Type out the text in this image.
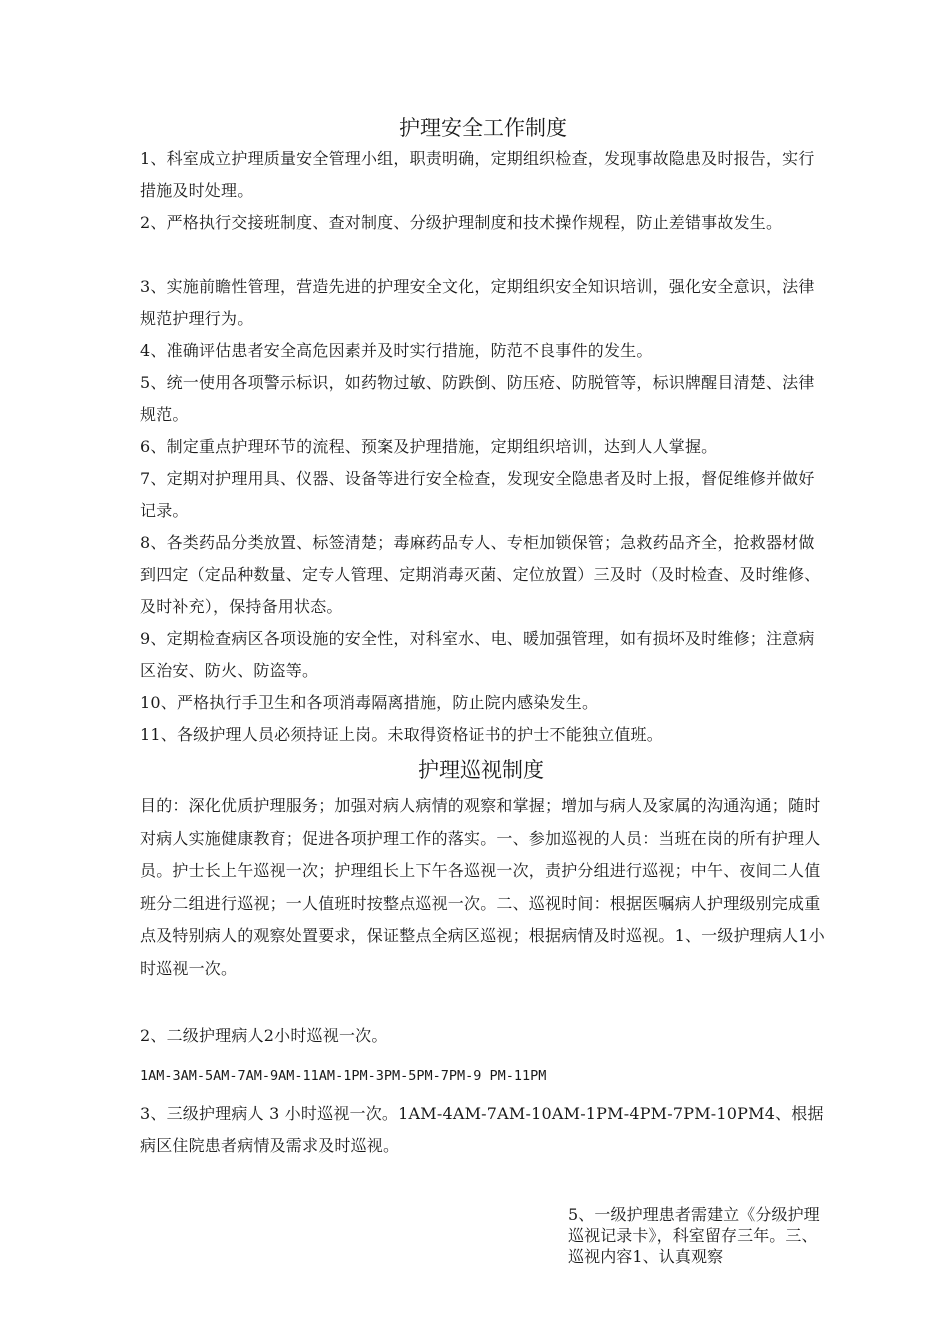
护理安全工作制度

1、科室成立护理质量安全管理小组，职责明确，定期组织检查，发现事故隐患及时报告，实行措施及时处理。

2、严格执行交接班制度、查对制度、分级护理制度和技术操作规程，防止差错事故发生。

3、实施前瞻性管理，营造先进的护理安全文化，定期组织安全知识培训，强化安全意识，法律规范护理行为。

4、准确评估患者安全高危因素并及时实行措施，防范不良事件的发生。

5、统一使用各项警示标识，如药物过敏、防跌倒、防压疮、防脱管等，标识牌醒目清楚、法律规范。

6、制定重点护理环节的流程、预案及护理措施，定期组织培训，达到人人掌握。

7、定期对护理用具、仪器、设备等进行安全检查，发现安全隐患者及时上报，督促维修并做好记录。

8、各类药品分类放置、标签清楚；毒麻药品专人、专柜加锁保管；急救药品齐全，抢救器材做到四定（定品种数量、定专人管理、定期消毒灭菌、定位放置）三及时（及时检查、及时维修、及时补充），保持备用状态。

9、定期检查病区各项设施的安全性，对科室水、电、暖加强管理，如有损坏及时维修；注意病区治安、防火、防盗等。

10、严格执行手卫生和各项消毒隔离措施，防止院内感染发生。

11、各级护理人员必须持证上岗。未取得资格证书的护士不能独立值班。

护理巡视制度

目的：深化优质护理服务；加强对病人病情的观察和掌握；增加与病人及家属的沟通沟通；随时对病人实施健康教育；促进各项护理工作的落实。一、参加巡视的人员：当班在岗的所有护理人员。护士长上午巡视一次；护理组长上下午各巡视一次，责护分组进行巡视；中午、夜间二人值班分二组进行巡视；一人值班时按整点巡视一次。二、巡视时间：根据医嘱病人护理级别完成重点及特别病人的观察处置要求，保证整点全病区巡视；根据病情及时巡视。1、一级护理病人1小时巡视一次。

2、二级护理病人2小时巡视一次。

1AM-3AM-5AM-7AM-9AM-11AM-1PM-3PM-5PM-7PM-9 PM-11PM

3、三级护理病人 3 小时巡视一次。1AM-4AM-7AM-10AM-1PM-4PM-7PM-10PM4、根据病区住院患者病情及需求及时巡视。

5、一级护理患者需建立《分级护理巡视记录卡》，科室留存三年。三、巡视内容1、认真观察
